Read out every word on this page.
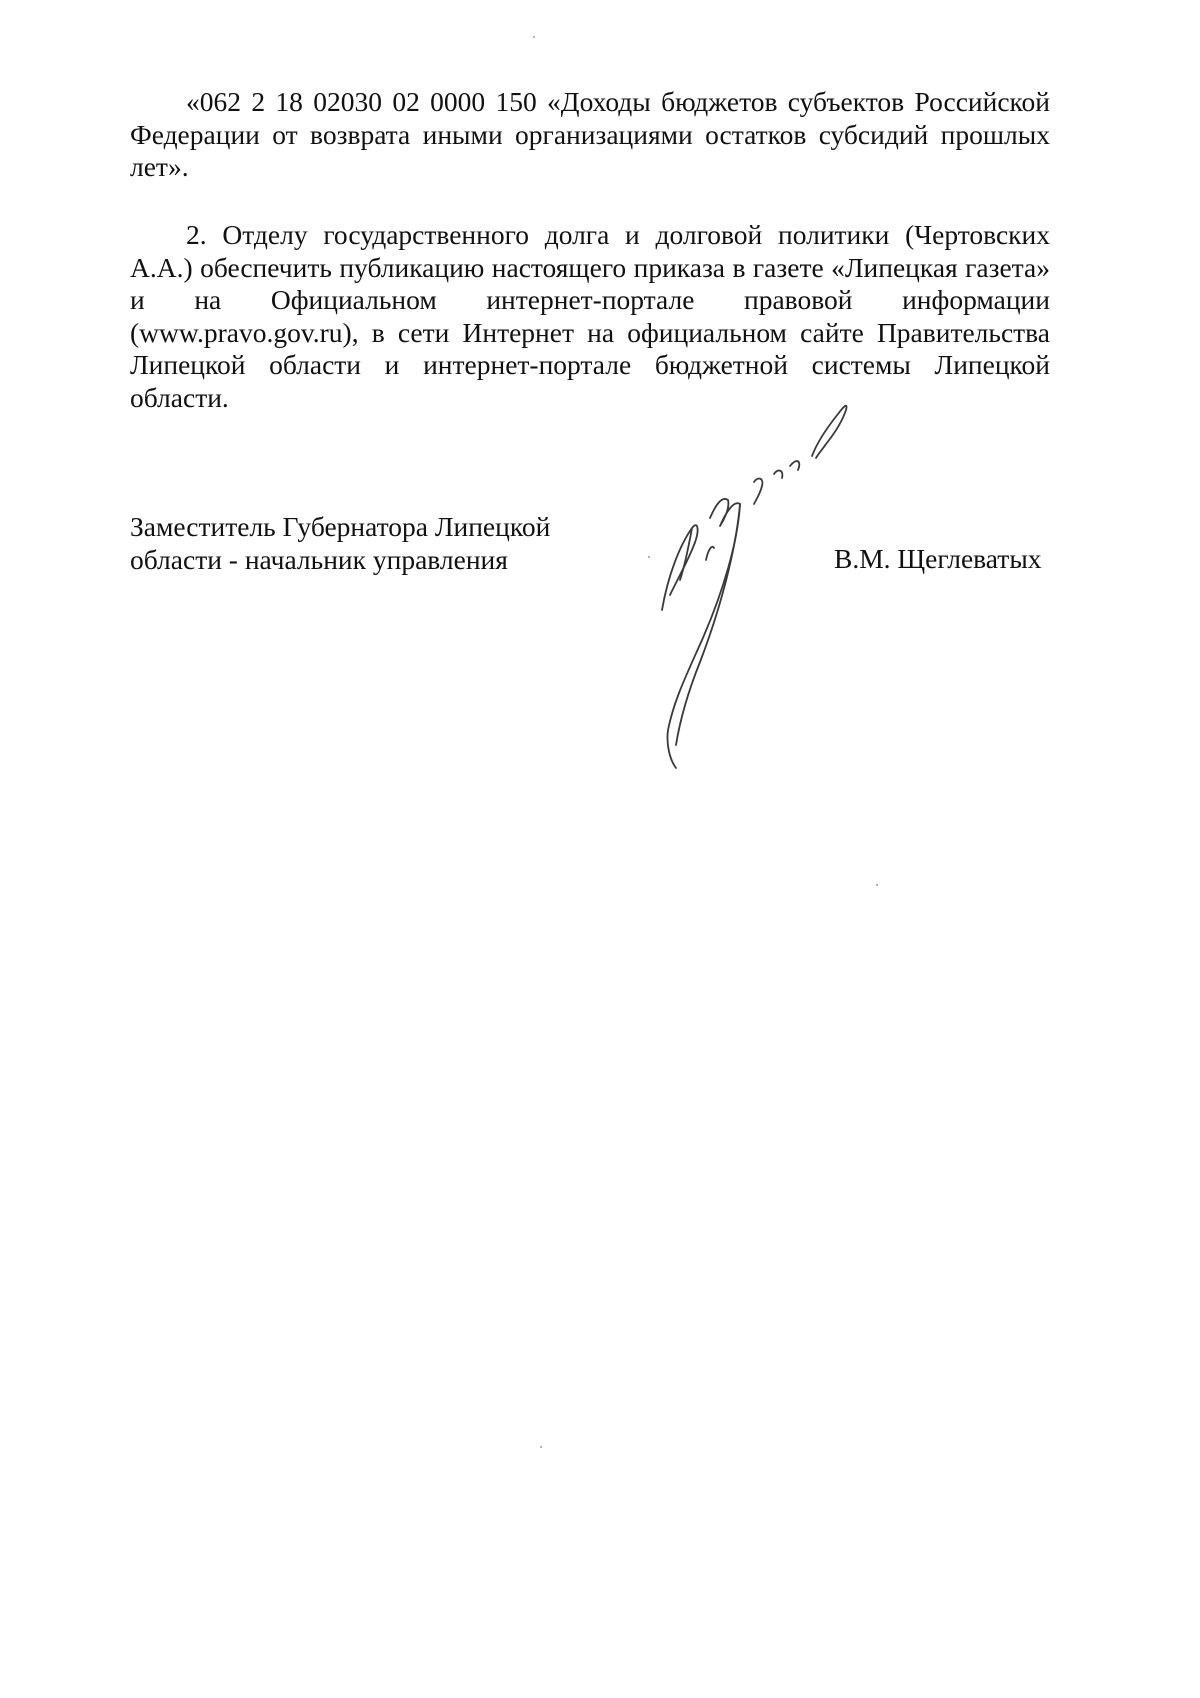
«062 2 18 02030 02 0000 150 «Доходы бюджетов субъектов Российской Федерации от возврата иными организациями остатков субсидий прошлых лет».

2. Отделу государственного долга и долговой политики (Чертовских А.А.) обеспечить публикацию настоящего приказа в газете «Липецкая газета» и на Официальном интернет-портале правовой информации (www.pravo.gov.ru), в сети Интернет на официальном сайте Правительства Липецкой области и интернет-портале бюджетной системы Липецкой области.

Заместитель Губернатора Липецкой
области - начальник управления	В.М. Щеглеватых
